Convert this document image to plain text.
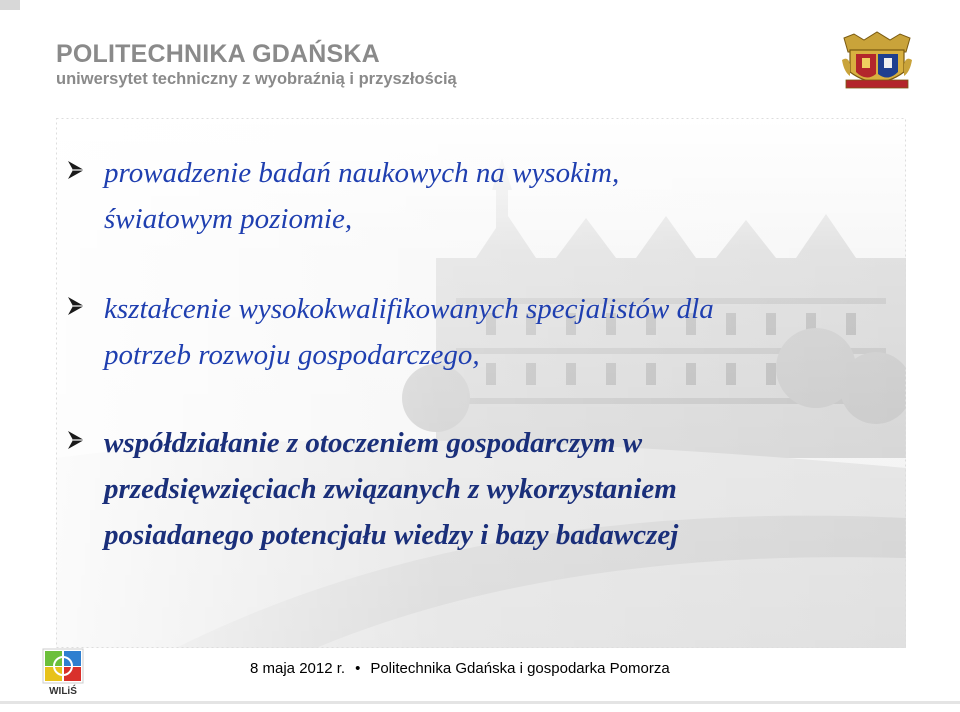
POLITECHNIKA GDAŃSKA
uniwersytet techniczny z wyobraźnią i przyszłością
prowadzenie badań naukowych na wysokim,
światowym poziomie,
kształcenie wysokokwalifikowanych specjalistów dla
potrzeb rozwoju gospodarczego,
współdziałanie z otoczeniem gospodarczym w
przedsięwzięciach związanych z wykorzystaniem
posiadanego potencjału wiedzy i bazy badawczej
WILiŚ
8 maja 2012 r. • Politechnika Gdańska i gospodarka Pomorza
